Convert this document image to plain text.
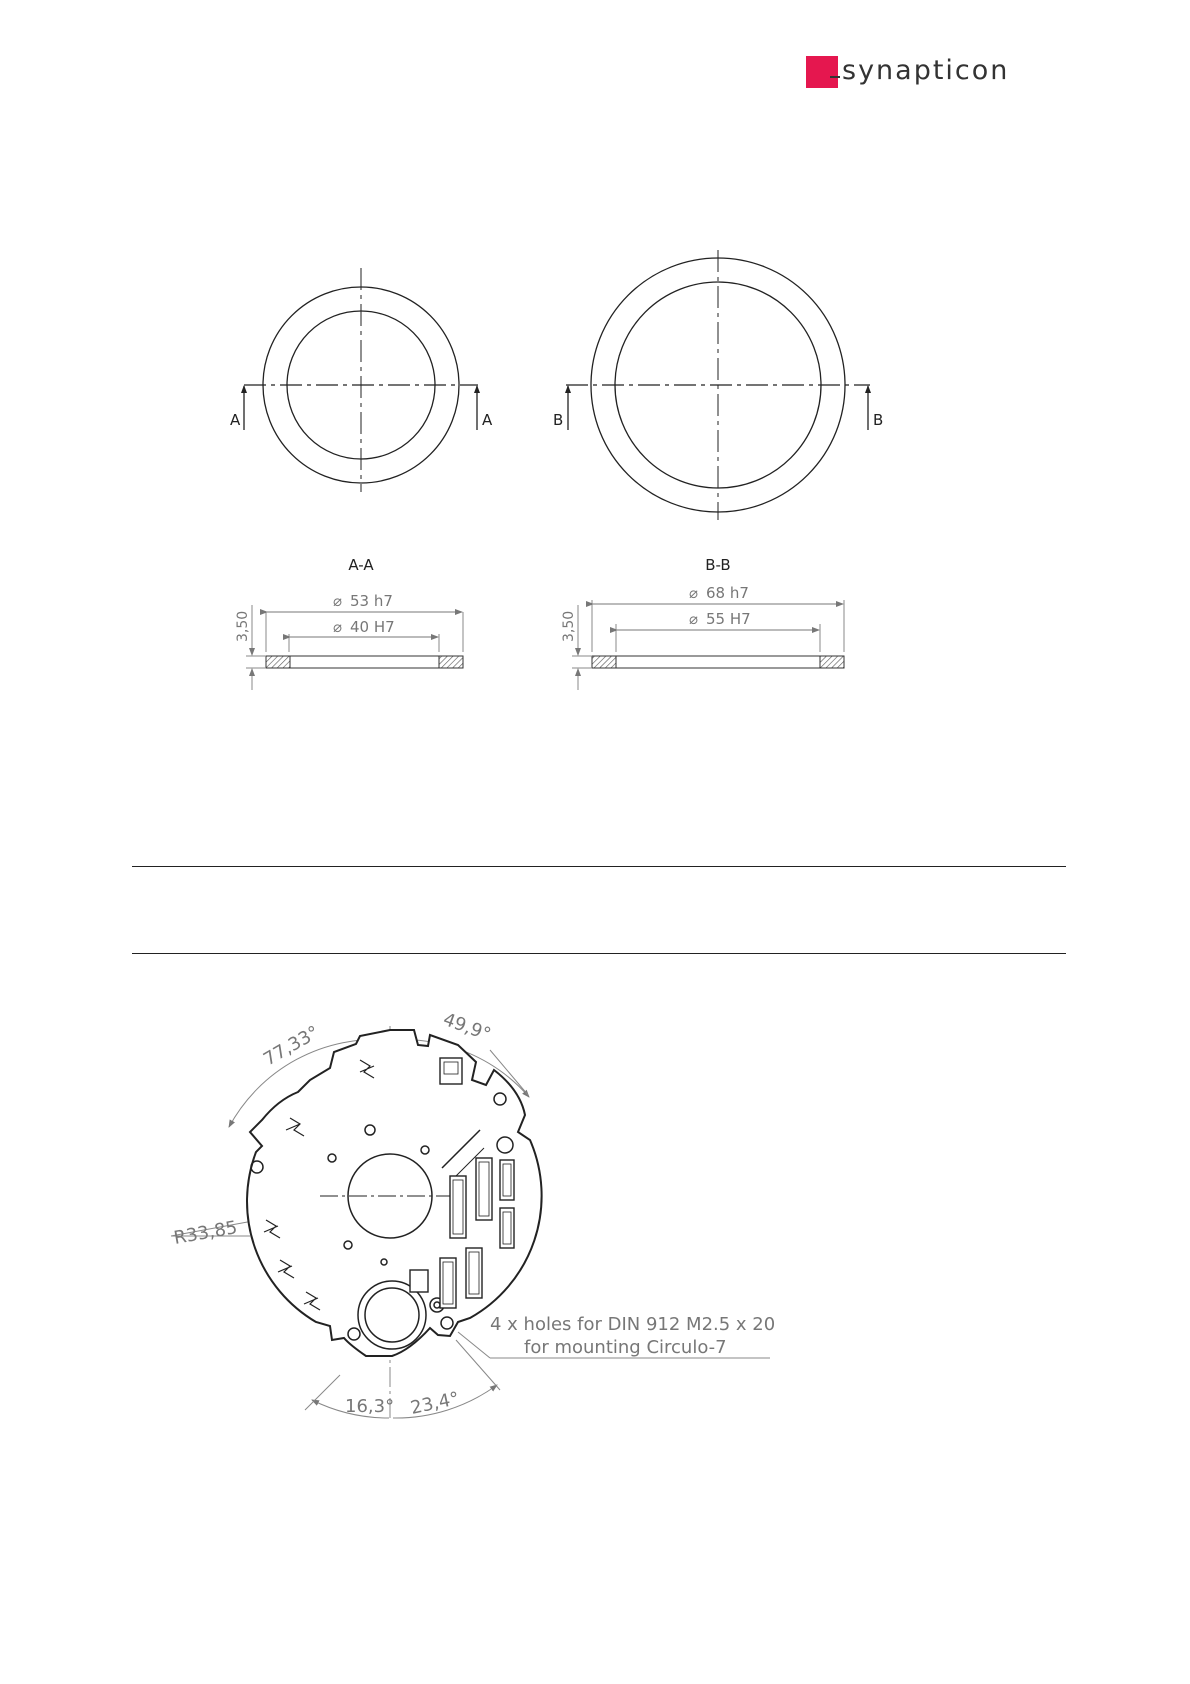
synapticon
A	A
A-A
⌀ 53 h7
⌀ 40 H7
3,50
B	B
B-B
⌀ 68 h7
⌀ 55 H7
3,50
77,33°	49,9°
R33,85
16,3° 23,4°
4 x holes for DIN 912 M2.5 x 20
for mounting Circulo-7
